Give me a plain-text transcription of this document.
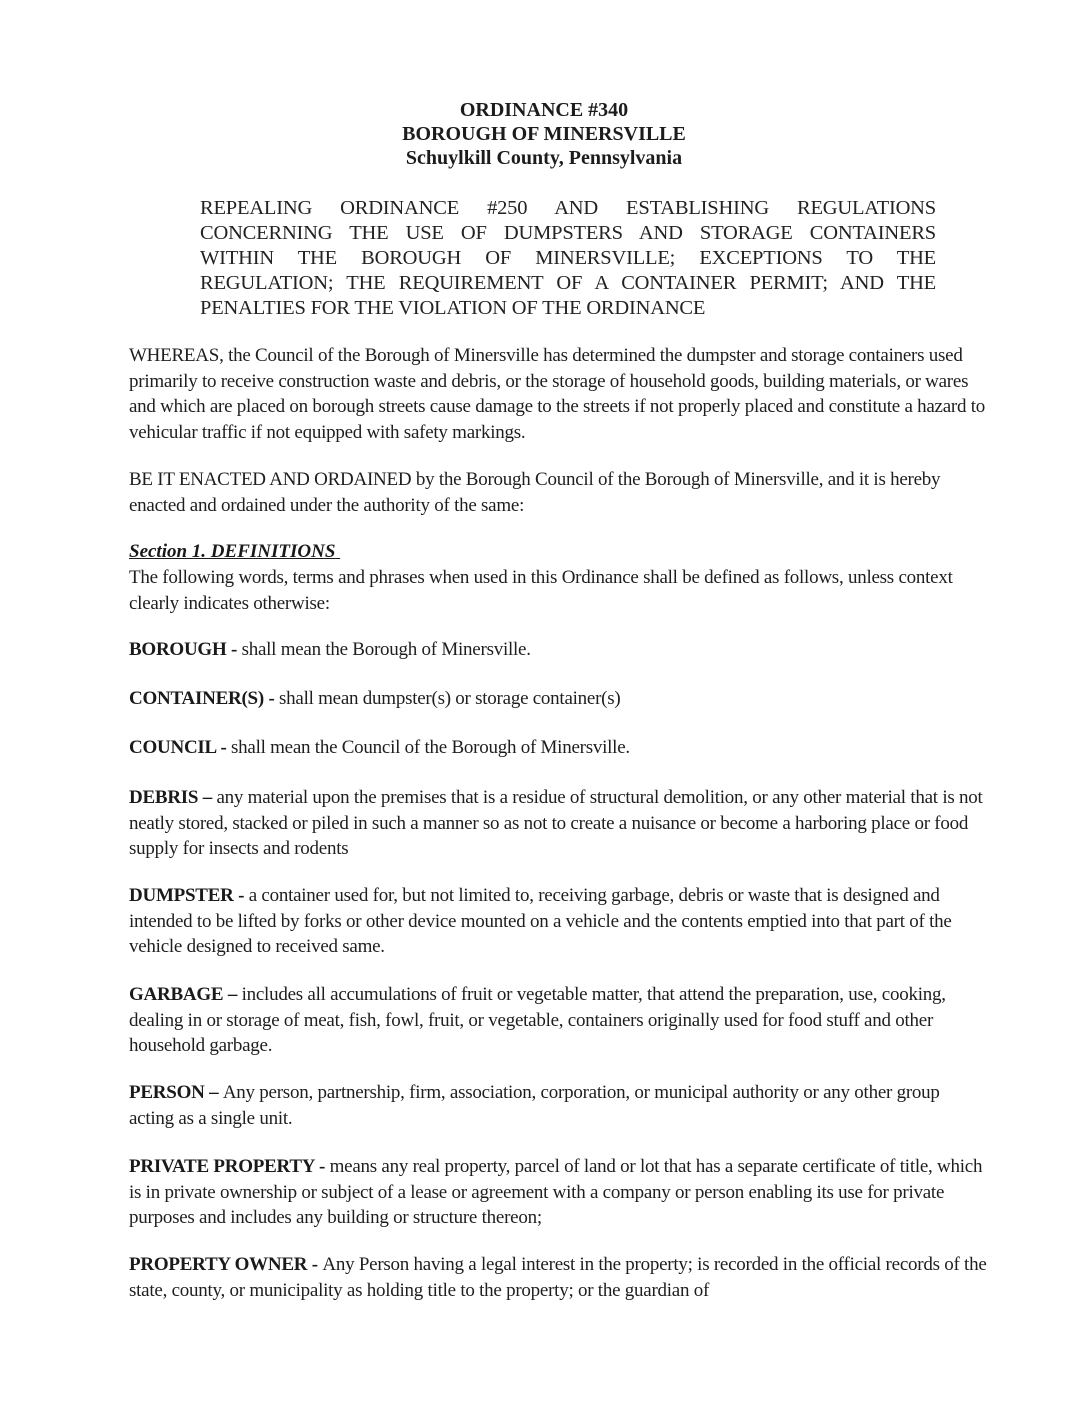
ORDINANCE #340
BOROUGH OF MINERSVILLE
Schuylkill County, Pennsylvania
REPEALING ORDINANCE #250 AND ESTABLISHING REGULATIONS
CONCERNING THE USE OF DUMPSTERS AND STORAGE CONTAINERS
WITHIN THE BOROUGH OF MINERSVILLE; EXCEPTIONS TO THE
REGULATION; THE REQUIREMENT OF A CONTAINER PERMIT; AND THE
PENALTIES FOR THE VIOLATION OF THE ORDINANCE
WHEREAS, the Council of the Borough of Minersville has determined the dumpster and storage containers used primarily to receive construction waste and debris, or the storage of household goods, building materials, or wares and which are placed on borough streets cause damage to the streets if not properly placed and constitute a hazard to vehicular traffic if not equipped with safety markings.
BE IT ENACTED AND ORDAINED by the Borough Council of the Borough of Minersville, and it is hereby enacted and ordained under the authority of the same:
Section 1. DEFINITIONS
The following words, terms and phrases when used in this Ordinance shall be defined as follows, unless context clearly indicates otherwise:
BOROUGH - shall mean the Borough of Minersville.
CONTAINER(S) - shall mean dumpster(s) or storage container(s)
COUNCIL - shall mean the Council of the Borough of Minersville.
DEBRIS – any material upon the premises that is a residue of structural demolition, or any other material that is not neatly stored, stacked or piled in such a manner so as not to create a nuisance or become a harboring place or food supply for insects and rodents
DUMPSTER - a container used for, but not limited to, receiving garbage, debris or waste that is designed and intended to be lifted by forks or other device mounted on a vehicle and the contents emptied into that part of the vehicle designed to received same.
GARBAGE – includes all accumulations of fruit or vegetable matter, that attend the preparation, use, cooking, dealing in or storage of meat, fish, fowl, fruit, or vegetable, containers originally used for food stuff and other household garbage.
PERSON – Any person, partnership, firm, association, corporation, or municipal authority or any other group acting as a single unit.
PRIVATE PROPERTY - means any real property, parcel of land or lot that has a separate certificate of title, which is in private ownership or subject of a lease or agreement with a company or person enabling its use for private purposes and includes any building or structure thereon;
PROPERTY OWNER - Any Person having a legal interest in the property; is recorded in the official records of the state, county, or municipality as holding title to the property; or the guardian of
